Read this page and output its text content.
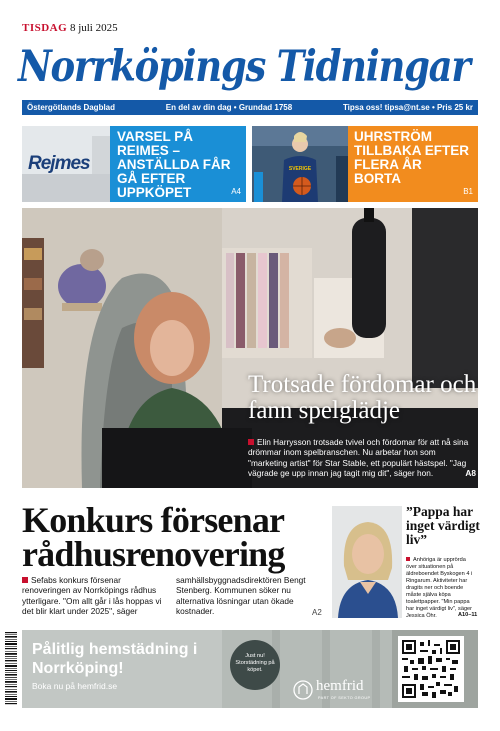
TISDAG 8 juli 2025
Norrköpings Tidningar
Östergötlands Dagblad	En del av din dag • Grundad 1758	Tipsa oss! tipsa@nt.se • Pris 25 kr
Rejmes
VARSEL PÅ REIMES – ANSTÄLLDA FÅR GÅ EFTER UPPKÖPET	A4
SVERIGE
UHRSTRÖM TILLBAKA EFTER FLERA ÅR BORTA
B1
Trotsade fördomar och fann spelglädje
Elin Harrysson trotsade tvivel och fördomar för att nå sina drömmar inom spelbranschen. Nu arbetar hon som "marketing artist" för Star Stable, ett populärt hästspel. "Jag vägrade ge upp innan jag tagit mig dit", säger hon.	A8
Konkurs försenar rådhusrenovering
Sefabs konkurs försenar renoveringen av Norrköpings rådhus ytterligare. "Om allt går i lås hoppas vi det blir klart under 2025", säger
samhällsbyggnadsdirektören Bengt Stenberg. Kommunen söker nu alternativa lösningar utan ökade kostnader.	A2
”Pappa har inget värdigt liv”
Anhöriga är upprörda över situationen på äldreboendet Byskogen 4 i Ringarum. Aktiviteter har dragits ner och boende måste själva köpa toalettpapper. "Min pappa har inget värdigt liv", säger Jessica Öhr.	A10–11
Pålitlig hemstädning i Norrköping!
Boka nu på hemfrid.se
Just nu! Storstädning på köpet.
hemfrid
PART OF SEKTO GROUP
